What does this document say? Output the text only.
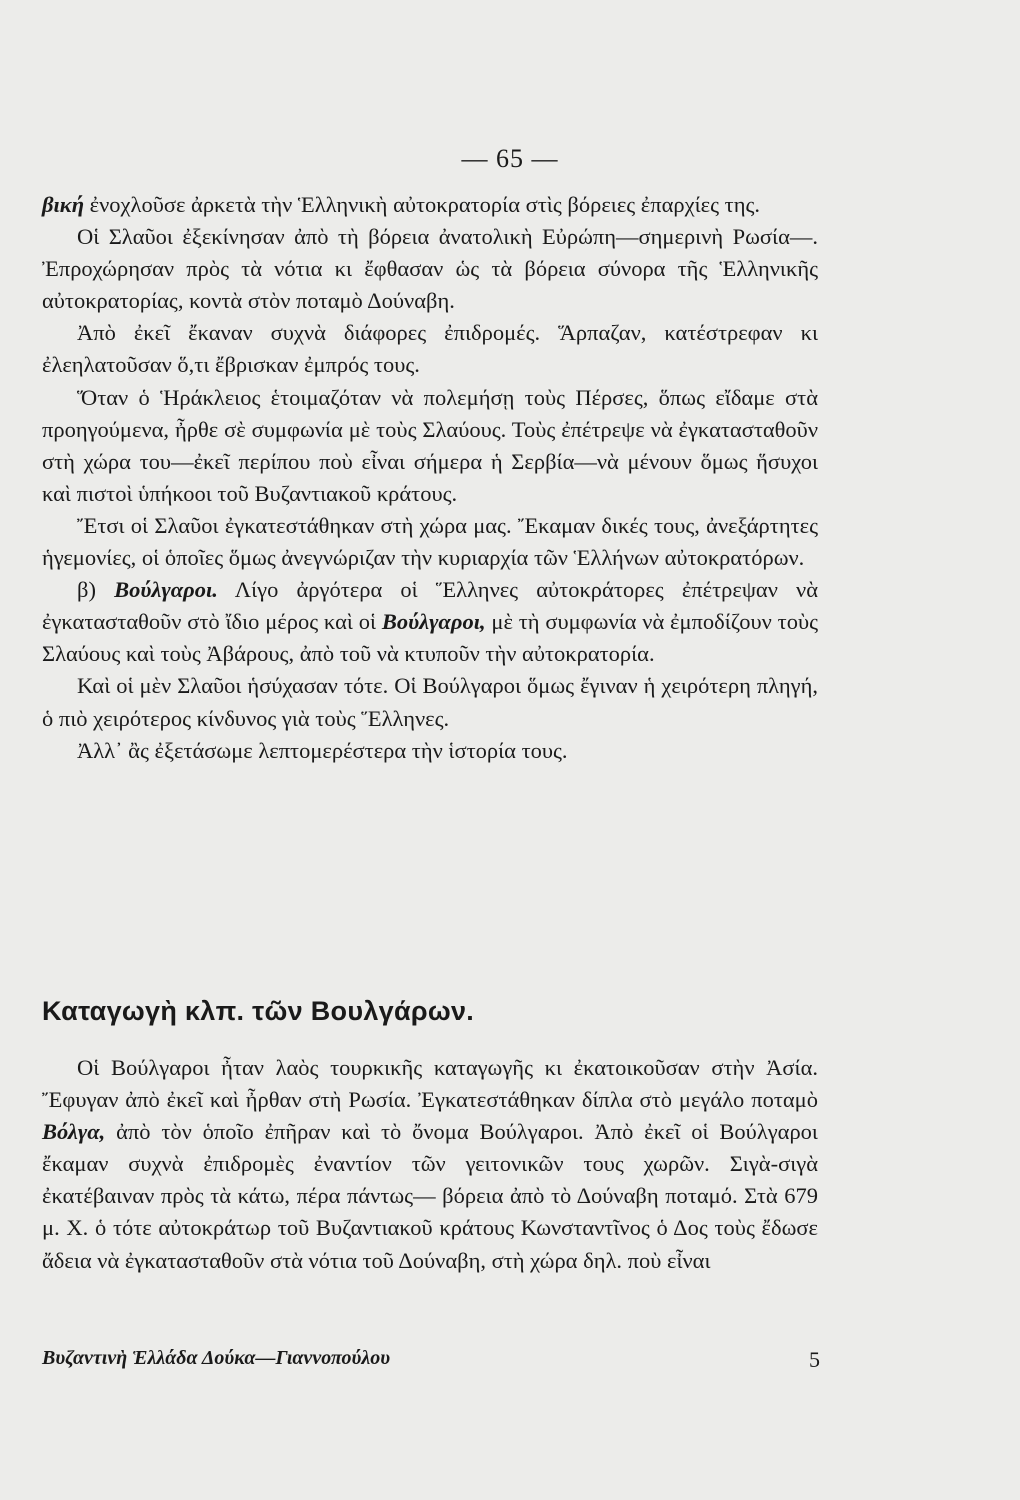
— 65 —

βική ἐνοχλοῦσε ἀρκετὰ τὴν Ἑλληνικὴ αὐτοκρατορία στὶς βόρειες ἐπαρχίες της.

Οἱ Σλαῦοι ἐξεκίνησαν ἀπὸ τὴ βόρεια ἀνατολικὴ Εὐρώπη—σημερινὴ Ρωσία—. Ἐπροχώρησαν πρὸς τὰ νότια κι ἔφθασαν ὡς τὰ βόρεια σύνορα τῆς Ἑλληνικῆς αὐτοκρατορίας, κοντὰ στὸν ποταμὸ Δούναβη.

Ἀπὸ ἐκεῖ ἔκαναν συχνὰ διάφορες ἐπιδρομές. Ἅρπαζαν, κατέστρεφαν κι ἐλεηλατοῦσαν ὅ,τι ἔβρισκαν ἐμπρός τους.

Ὅταν ὁ Ἡράκλειος ἑτοιμαζόταν νὰ πολεμήσῃ τοὺς Πέρσες, ὅπως εἴδαμε στὰ προηγούμενα, ἦρθε σὲ συμφωνία μὲ τοὺς Σλαύους. Τοὺς ἐπέτρεψε νὰ ἐγκατασταθοῦν στὴ χώρα του—ἐκεῖ περίπου ποὺ εἶναι σήμερα ἡ Σερβία—νὰ μένουν ὅμως ἥσυχοι καὶ πιστοὶ ὑπήκοοι τοῦ Βυζαντιακοῦ κράτους.

Ἔτσι οἱ Σλαῦοι ἐγκατεστάθηκαν στὴ χώρα μας. Ἔκαμαν δικές τους, ἀνεξάρτητες ἡγεμονίες, οἱ ὁποῖες ὅμως ἀνεγνώριζαν τὴν κυριαρχία τῶν Ἑλλήνων αὐτοκρατόρων.

β) Βούλγαροι. Λίγο ἀργότερα οἱ Ἕλληνες αὐτοκράτορες ἐπέτρεψαν νὰ ἐγκατασταθοῦν στὸ ἴδιο μέρος καὶ οἱ Βούλγαροι, μὲ τὴ συμφωνία νὰ ἐμποδίζουν τοὺς Σλαύους καὶ τοὺς Ἀβάρους, ἀπὸ τοῦ νὰ κτυποῦν τὴν αὐτοκρατορία.

Καὶ οἱ μὲν Σλαῦοι ἡσύχασαν τότε. Οἱ Βούλγαροι ὅμως ἔγιναν ἡ χειρότερη πληγή, ὁ πιὸ χειρότερος κίνδυνος γιὰ τοὺς Ἕλληνες.

Ἀλλ᾽ ἂς ἐξετάσωμε λεπτομερέστερα τὴν ἱστορία τους.

Καταγωγὴ κλπ. τῶν Βουλγάρων.

Οἱ Βούλγαροι ἦταν λαὸς τουρκικῆς καταγωγῆς κι ἐκατοικοῦσαν στὴν Ἀσία. Ἔφυγαν ἀπὸ ἐκεῖ καὶ ἦρθαν στὴ Ρωσία. Ἐγκατεστάθηκαν δίπλα στὸ μεγάλο ποταμὸ Βόλγα, ἀπὸ τὸν ὁποῖο ἐπῆραν καὶ τὸ ὄνομα Βούλγαροι. Ἀπὸ ἐκεῖ οἱ Βούλγαροι ἔκαμαν συχνὰ ἐπιδρομὲς ἐναντίον τῶν γειτονικῶν τους χωρῶν. Σιγὰ-σιγὰ ἐκατέβαιναν πρὸς τὰ κάτω, πέρα πάντως— βόρεια ἀπὸ τὸ Δούναβη ποταμό. Στὰ 679 μ. Χ. ὁ τότε αὐτοκράτωρ τοῦ Βυζαντιακοῦ κράτους Κωνσταντῖνος ὁ Δος τοὺς ἔδωσε ἄδεια νὰ ἐγκατασταθοῦν στὰ νότια τοῦ Δούναβη, στὴ χώρα δηλ. ποὺ εἶναι

Βυζαντινὴ Ἑλλάδα Δούκα—Γιαννοπούλου	5
